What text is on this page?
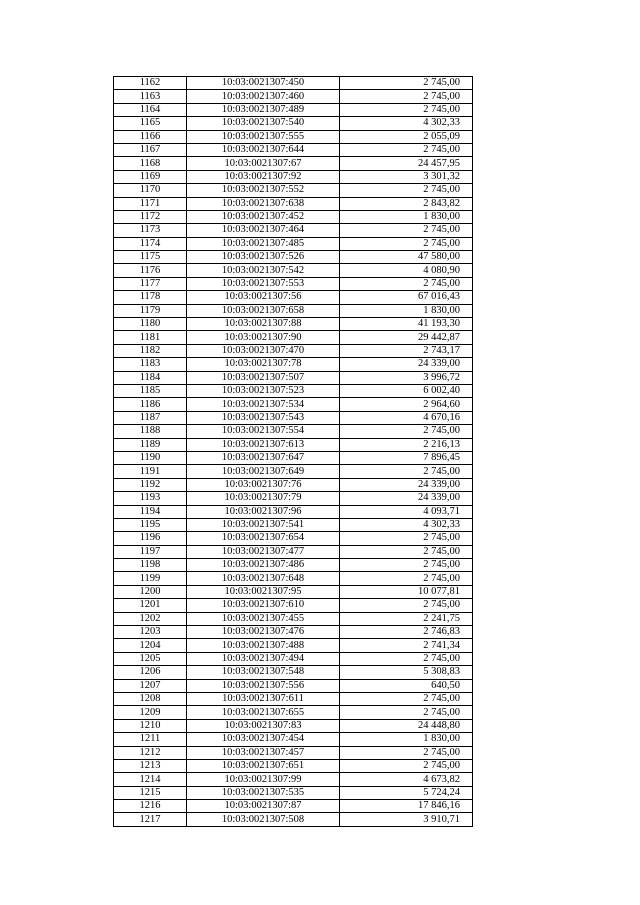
1162	10:03:0021307:450	2 745,00
1163	10:03:0021307:460	2 745,00
1164	10:03:0021307:489	2 745,00
1165	10:03:0021307:540	4 302,33
1166	10:03:0021307:555	2 055,09
1167	10:03:0021307:644	2 745,00
1168	10:03:0021307:67	24 457,95
1169	10:03:0021307:92	3 301,32
1170	10:03:0021307:552	2 745,00
1171	10:03:0021307:638	2 843,82
1172	10:03:0021307:452	1 830,00
1173	10:03:0021307:464	2 745,00
1174	10:03:0021307:485	2 745,00
1175	10:03:0021307:526	47 580,00
1176	10:03:0021307:542	4 080,90
1177	10:03:0021307:553	2 745,00
1178	10:03:0021307:56	67 016,43
1179	10:03:0021307:658	1 830,00
1180	10:03:0021307:88	41 193,30
1181	10:03:0021307:90	29 442,87
1182	10:03:0021307:470	2 743,17
1183	10:03:0021307:78	24 339,00
1184	10:03:0021307:507	3 996,72
1185	10:03:0021307:523	6 002,40
1186	10:03:0021307:534	2 964,60
1187	10:03:0021307:543	4 670,16
1188	10:03:0021307:554	2 745,00
1189	10:03:0021307:613	2 216,13
1190	10:03:0021307:647	7 896,45
1191	10:03:0021307:649	2 745,00
1192	10:03:0021307:76	24 339,00
1193	10:03:0021307:79	24 339,00
1194	10:03:0021307:96	4 093,71
1195	10:03:0021307:541	4 302,33
1196	10:03:0021307:654	2 745,00
1197	10:03:0021307:477	2 745,00
1198	10:03:0021307:486	2 745,00
1199	10:03:0021307:648	2 745,00
1200	10:03:0021307:95	10 077,81
1201	10:03:0021307:610	2 745,00
1202	10:03:0021307:455	2 241,75
1203	10:03:0021307:476	2 746,83
1204	10:03:0021307:488	2 741,34
1205	10:03:0021307:494	2 745,00
1206	10:03:0021307:548	5 308,83
1207	10:03:0021307:556	640,50
1208	10:03:0021307:611	2 745,00
1209	10:03:0021307:655	2 745,00
1210	10:03:0021307:83	24 448,80
1211	10:03:0021307:454	1 830,00
1212	10:03:0021307:457	2 745,00
1213	10:03:0021307:651	2 745,00
1214	10:03:0021307:99	4 673,82
1215	10:03:0021307:535	5 724,24
1216	10:03:0021307:87	17 846,16
1217	10:03:0021307:508	3 910,71
